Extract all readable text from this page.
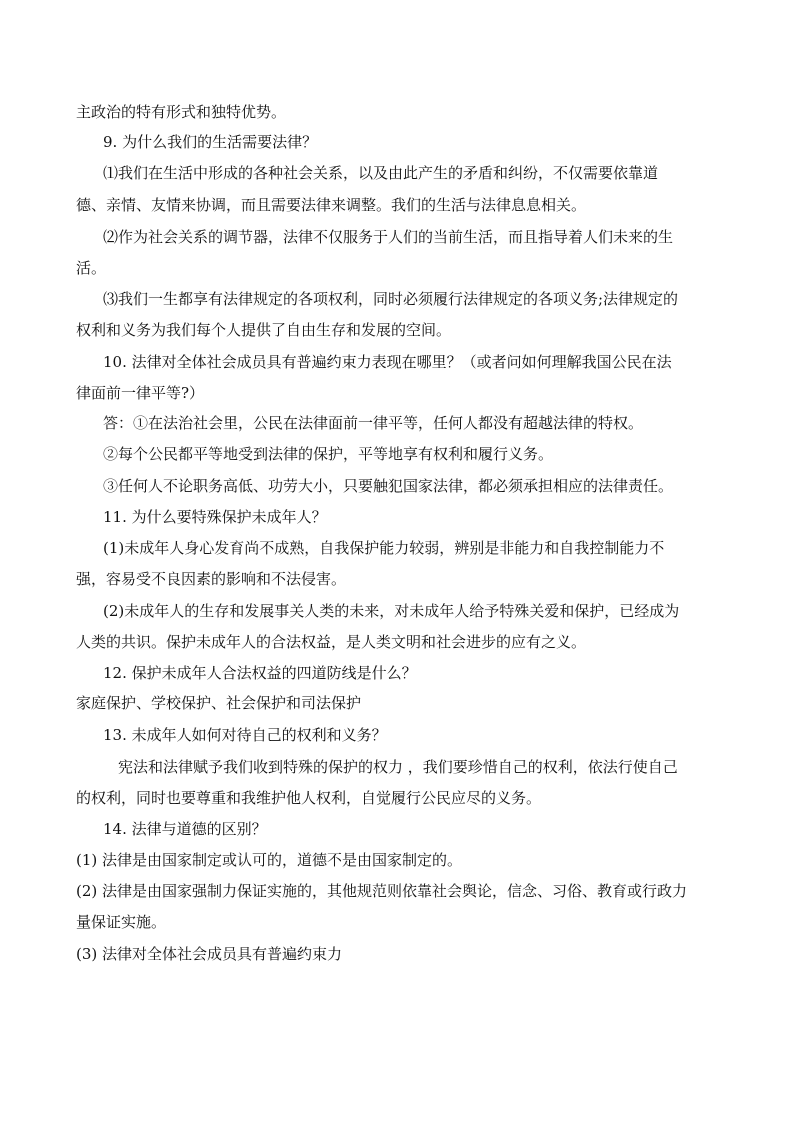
主政治的特有形式和独特优势。
9. 为什么我们的生活需要法律？
⑴我们在生活中形成的各种社会关系，以及由此产生的矛盾和纠纷，不仅需要依靠道
德、亲情、友情来协调，而且需要法律来调整。我们的生活与法律息息相关。
⑵作为社会关系的调节器，法律不仅服务于人们的当前生活，而且指导着人们未来的生
活。
⑶我们一生都享有法律规定的各项权利，同时必须履行法律规定的各项义务;法律规定的
权利和义务为我们每个人提供了自由生存和发展的空间。
10. 法律对全体社会成员具有普遍约束力表现在哪里？（或者问如何理解我国公民在法
律面前一律平等?）
答：①在法治社会里，公民在法律面前一律平等，任何人都没有超越法律的特权。
②每个公民都平等地受到法律的保护，平等地享有权利和履行义务。
③任何人不论职务高低、功劳大小，只要触犯国家法律，都必须承担相应的法律责任。
11. 为什么要特殊保护未成年人？
(1)未成年人身心发育尚不成熟，自我保护能力较弱，辨别是非能力和自我控制能力不
强，容易受不良因素的影响和不法侵害。
(2)未成年人的生存和发展事关人类的未来，对未成年人给予特殊关爱和保护，已经成为
人类的共识。保护未成年人的合法权益，是人类文明和社会进步的应有之义。
12. 保护未成年人合法权益的四道防线是什么？
家庭保护、学校保护、社会保护和司法保护
13. 未成年人如何对待自己的权利和义务？
宪法和法律赋予我们收到特殊的保护的权力 ，我们要珍惜自己的权利，依法行使自己
的权利，同时也要尊重和我维护他人权利，自觉履行公民应尽的义务。
14. 法律与道德的区别？
(1) 法律是由国家制定或认可的，道德不是由国家制定的。
(2) 法律是由国家强制力保证实施的，其他规范则依靠社会舆论，信念、习俗、教育或行政力
量保证实施。
(3) 法律对全体社会成员具有普遍约束力
